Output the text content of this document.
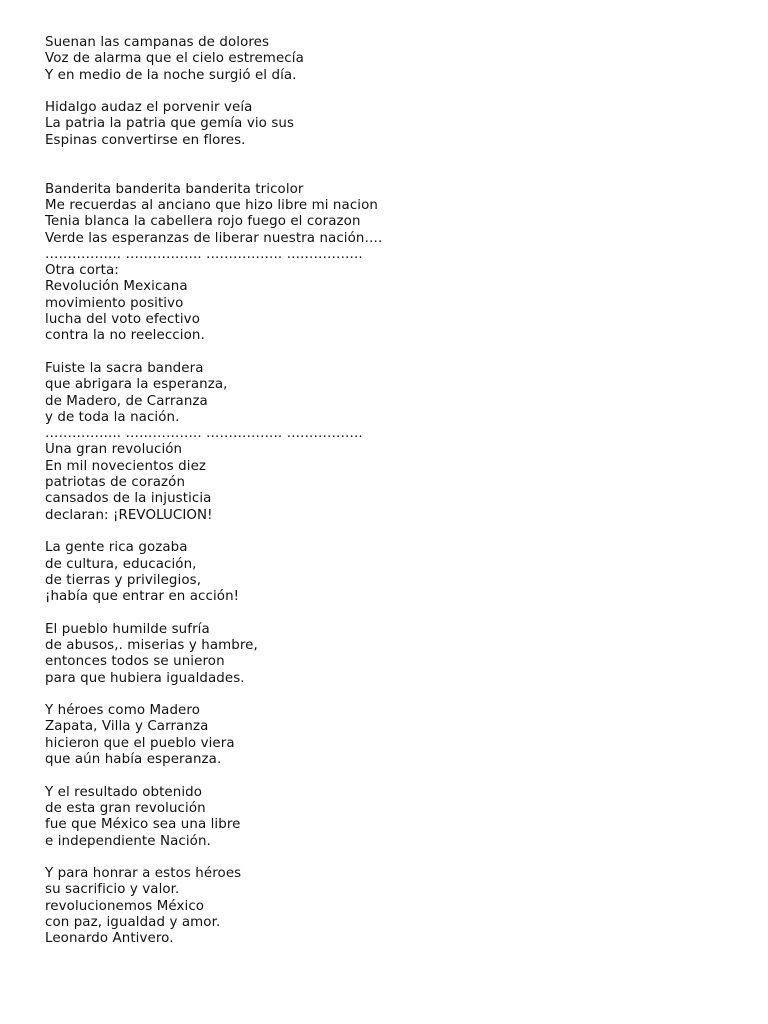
Suenan las campanas de dolores
Voz de alarma que el cielo estremecía
Y en medio de la noche surgió el día.
Hidalgo audaz el porvenir veía
La patria la patria que gemía vio sus
Espinas convertirse en flores.
Banderita banderita banderita tricolor
Me recuerdas al anciano que hizo libre mi nacion
Tenia blanca la cabellera rojo fuego el corazon
Verde las esperanzas de liberar nuestra nación….
…………….. …………….. …………….. ……………..
Otra corta:
Revolución Mexicana
movimiento positivo
lucha del voto efectivo
contra la no reeleccion.
Fuiste la sacra bandera
que abrigara la esperanza,
de Madero, de Carranza
y de toda la nación.
…………….. …………….. …………….. ……………..
Una gran revolución
En mil novecientos diez
patriotas de corazón
cansados de la injusticia
declaran: ¡REVOLUCION!
La gente rica gozaba
de cultura, educación,
de tierras y privilegios,
¡había que entrar en acción!
El pueblo humilde sufría
de abusos,. miserias y hambre,
entonces todos se unieron
para que hubiera igualdades.
Y héroes como Madero
Zapata, Villa y Carranza
hicieron que el pueblo viera
que aún había esperanza.
Y el resultado obtenido
de esta gran revolución
fue que México sea una libre
e independiente Nación.
Y para honrar a estos héroes
su sacrificio y valor.
revolucionemos México
con paz, igualdad y amor.
Leonardo Antivero.
